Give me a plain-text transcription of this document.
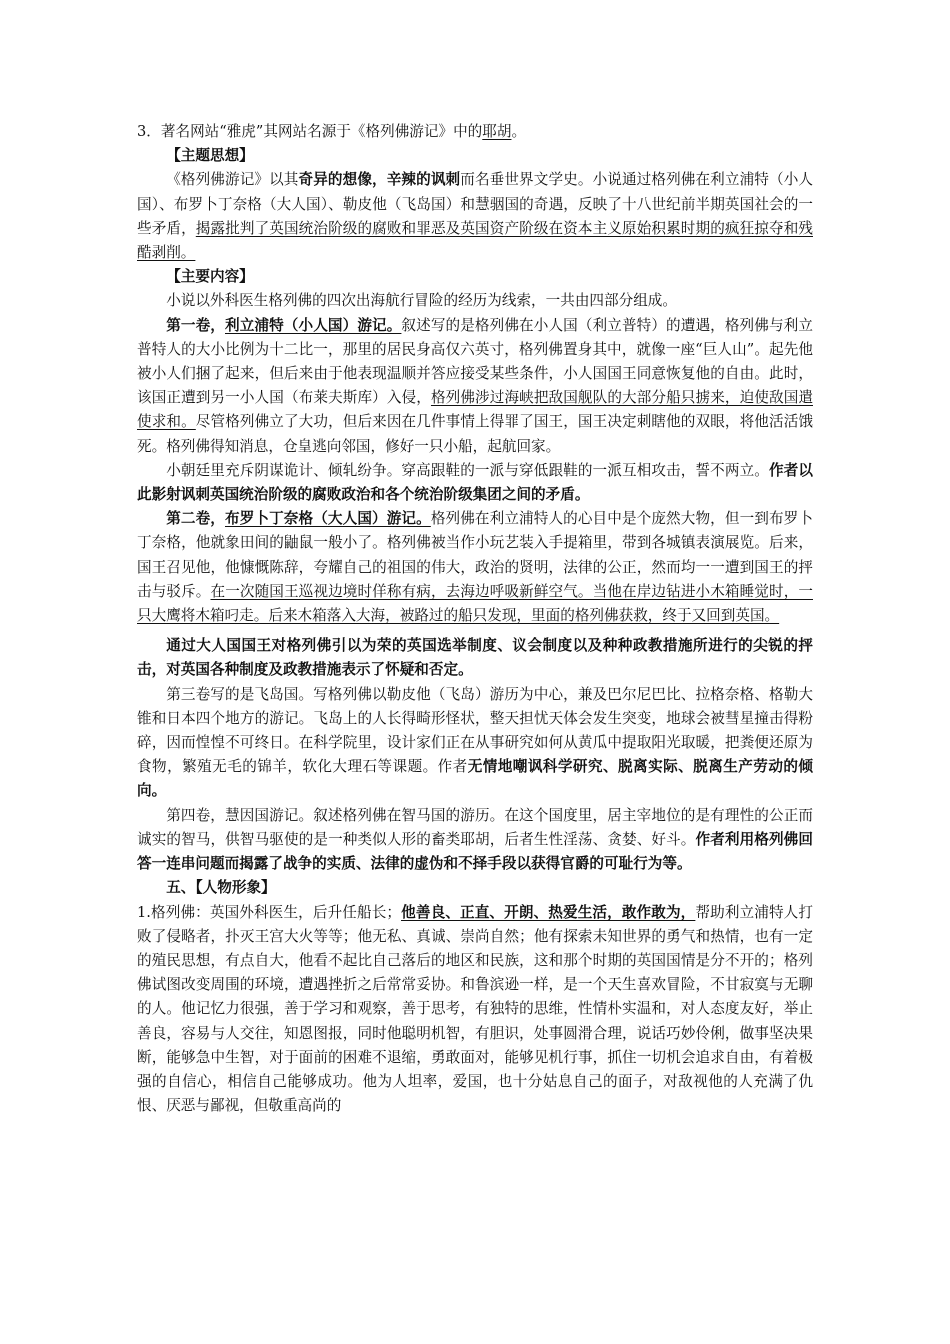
3．著名网站“雅虎”其网站名源于《格列佛游记》中的耶胡。

【主题思想】

《格列佛游记》以其奇异的想像，辛辣的讽刺而名垂世界文学史。小说通过格列佛在利立浦特（小人国）、布罗卜丁奈格（大人国）、勒皮他（飞岛国）和慧骃国的奇遇，反映了十八世纪前半期英国社会的一些矛盾，揭露批判了英国统治阶级的腐败和罪恶及英国资产阶级在资本主义原始积累时期的疯狂掠夺和残酷剥削。

【主要内容】

小说以外科医生格列佛的四次出海航行冒险的经历为线索，一共由四部分组成。

第一卷，利立浦特（小人国）游记。叙述写的是格列佛在小人国（利立普特）的遭遇，格列佛与利立普特人的大小比例为十二比一，那里的居民身高仅六英寸，格列佛置身其中，就像一座“巨人山”。起先他被小人们捆了起来，但后来由于他表现温顺并答应接受某些条件，小人国国王同意恢复他的自由。此时，该国正遭到另一小人国（布莱夫斯库）入侵，格列佛涉过海峡把敌国舰队的大部分船只掳来，迫使敌国遣使求和。尽管格列佛立了大功，但后来因在几件事情上得罪了国王，国王决定刺瞎他的双眼，将他活活饿死。格列佛得知消息，仓皇逃向邻国，修好一只小船，起航回家。

小朝廷里充斥阴谋诡计、倾轧纷争。穿高跟鞋的一派与穿低跟鞋的一派互相攻击，誓不两立。作者以此影射讽刺英国统治阶级的腐败政治和各个统治阶级集团之间的矛盾。

第二卷，布罗卜丁奈格（大人国）游记。格列佛在利立浦特人的心目中是个庞然大物，但一到布罗卜丁奈格，他就象田间的鼬鼠一般小了。格列佛被当作小玩艺装入手提箱里，带到各城镇表演展览。后来，国王召见他，他慷慨陈辞，夸耀自己的祖国的伟大，政治的贤明，法律的公正，然而均一一遭到国王的抨击与驳斥。在一次随国王巡视边境时佯称有病，去海边呼吸新鲜空气。当他在岸边钻进小木箱睡觉时，一只大鹰将木箱叼走。后来木箱落入大海，被路过的船只发现，里面的格列佛获救，终于又回到英国。

通过大人国国王对格列佛引以为荣的英国选举制度、议会制度以及种种政教措施所进行的尖锐的抨击，对英国各种制度及政教措施表示了怀疑和否定。

第三卷写的是飞岛国。写格列佛以勒皮他（飞岛）游历为中心，兼及巴尔尼巴比、拉格奈格、格勒大锥和日本四个地方的游记。飞岛上的人长得畸形怪状，整天担忧天体会发生突变，地球会被彗星撞击得粉碎，因而惶惶不可终日。在科学院里，设计家们正在从事研究如何从黄瓜中提取阳光取暖，把粪便还原为食物，繁殖无毛的锦羊，软化大理石等课题。作者无情地嘲讽科学研究、脱离实际、脱离生产劳动的倾向。

第四卷，慧因国游记。叙述格列佛在智马国的游历。在这个国度里，居主宰地位的是有理性的公正而诚实的智马，供智马驱使的是一种类似人形的畜类耶胡，后者生性淫荡、贪婪、好斗。作者利用格列佛回答一连串问题而揭露了战争的实质、法律的虚伪和不择手段以获得官爵的可耻行为等。

五、【人物形象】

1.格列佛：英国外科医生，后升任船长；他善良、正直、开朗、热爱生活，敢作敢为，帮助利立浦特人打败了侵略者，扑灭王宫大火等等；他无私、真诚、崇尚自然；他有探索未知世界的勇气和热情，也有一定的殖民思想，有点自大，他看不起比自己落后的地区和民族，这和那个时期的英国国情是分不开的；格列佛试图改变周围的环境，遭遇挫折之后常常妥协。和鲁滨逊一样，是一个天生喜欢冒险，不甘寂寞与无聊的人。他记忆力很强，善于学习和观察，善于思考，有独特的思维，性情朴实温和，对人态度友好，举止善良，容易与人交往，知恩图报，同时他聪明机智，有胆识，处事圆滑合理，说话巧妙伶俐，做事坚决果断，能够急中生智，对于面前的困难不退缩，勇敢面对，能够见机行事，抓住一切机会追求自由，有着极强的自信心，相信自己能够成功。他为人坦率，爱国，也十分姑息自己的面子，对敌视他的人充满了仇恨、厌恶与鄙视，但敬重高尚的
